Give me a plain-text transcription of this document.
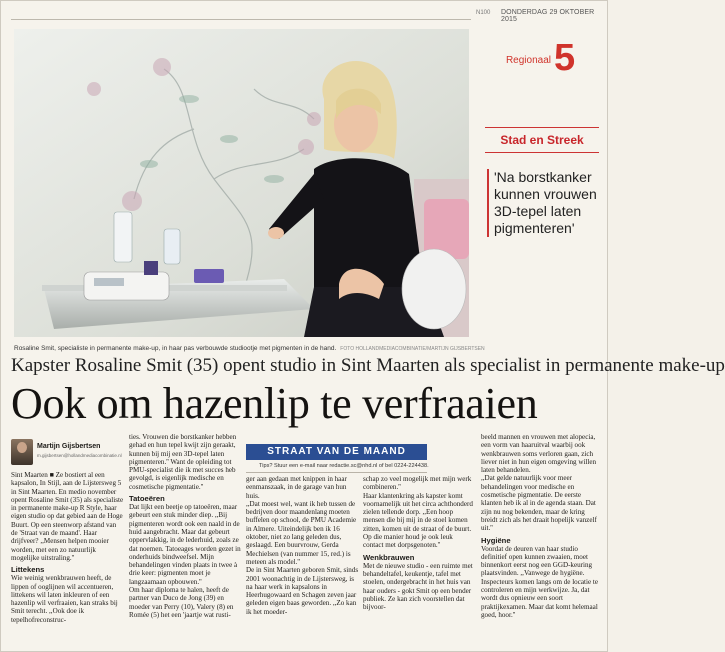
N100 DONDERDAG 29 OKTOBER 2015
Rosaline Smit, specialiste in permanente make-up, in haar pas verbouwde studiootje met pigmenten in de hand. FOTO HOLLANDMEDIACOMBINATIE/MARTIJN GIJSBERTSEN
Regionaal 5
Stad en Streek
'Na borstkanker kunnen vrouwen 3D-tepel laten pigmenteren'
Kapster Rosaline Smit (35) opent studio in Sint Maarten als specialist in permanente make-up
Ook om hazenlip te verfraaien
Martijn Gijsbertsen
m.gijsbertsen@hollandmediacombinatie.nl	STRAAT VAN DE MAAND
Tips? Stuur een e-mail naar redactie.sc@nhd.nl of bel 0224-224438.

Sint Maarten ■ Ze bostiert al een kapsalon, In Stijl, aan de Lijstersweg 5 in Sint Maarten. En medio november opent Rosaline Smit (35) als specialiste in permanente make-up R Style, haar eigen studio op dat gebied aan de Hoge Buurt. Op een steenworp afstand van de 'Straat van de maand'. Haar drijfveer? ,,Mensen helpen mooier worden, met een zo natuurlijk mogelijke uitstraling.''

Littekens

Wie weinig wenkbrauwen heeft, de lippen of ooglijnen wil accentueren, littekens wil laten inkleuren of een hazenlip wil verfraaien, kan straks bij Smit terecht. ,,Ook doe ik tepelhofreconstruc-

ties. Vrouwen die borstkanker hebben gehad en hun tepel kwijt zijn geraakt, kunnen bij mij een 3D-tepel laten pigmenteren.'' Want de opleiding tot PMU-specialist die ik met succes heb gevolgd, is eigenlijk medische en cosmetische pigmentatie.''

Tatoeëren

Dat lijkt een beetje op tatoeëren, maar gebeurt een stuk minder diep. ,,Bij pigmenteren wordt ook een naald in de huid aangebracht. Maar dat gebeurt oppervlakkig, in de lederhuid, zoals ze dat noemen. Tatoeages worden gezet in onderhuids bindweefsel. Mijn behandelingen vinden plaats in twee à drie keer: pigmenten moet je langzaamaan opbouwen.''

Om haar diploma te halen, heeft de partner van Duco de Jong (39) en moeder van Perry (10), Valery (8) en Romée (5) het een 'jaartje wat rusti-

ger aan gedaan met knippen in haar eenmanszaak, in de garage van hun huis.

,,Dat moest wel, want ik heb tussen de bedrijven door maandenlang moeten buffelen op school, de PMU Academie in Almere. Uiteindelijk ben ik 16 oktober, niet zo lang geleden dus, geslaagd. Een buurvrouw, Gerda Mechielsen (van nummer 15, red.) is meteen als model.''

De in Sint Maarten geboren Smit, sinds 2001 woonachtig in de Lijstersweg, is na haar werk in kapsalons in Heerhugowaard en Schagen zeven jaar geleden eigen baas geworden. ,,Zo kan ik het moeder-

schap zo veel mogelijk met mijn werk combineren.''

Haar klantenkring als kapster komt voornamelijk uit het circa achthonderd zielen tellende dorp. ,,Een hoop mensen die bij mij in de stoel komen zitten, komen uit de straat of de buurt. Op die manier houd je ook leuk contact met dorpsgenoten.''

Wenkbrauwen

Met de nieuwe studio - een ruimte met behandeltafel, keukentje, tafel met stoelen, ondergebracht in het huis van haar ouders - gokt Smit op een bender publiek. Ze kan zich voorstellen dat bijvoor-

beeld mannen en vrouwen met alopecia, een vorm van haaruitval waarbij ook wenkbrauwen soms verloren gaan, zich liever niet in hun eigen omgeving willen laten behandelen.

,,Dat gelde natuurlijk voor meer behandelingen voor medische en cosmetische pigmentatie. De eerste klanten heb ik al in de agenda staan. Dat zijn nu nog bekenden, maar de kring breidt zich als het draait hopelijk vanzelf uit.''

Hygiëne

Voordat de deuren van haar studio definitief open kunnen zwaaien, moet binnenkort eerst nog een GGD-keuring plaatsvinden. ,,Vanwege de hygiëne. Inspecteurs komen langs om de locatie te controleren en mijn werkwijze. Ja, dat wordt dus opnieuw een soort praktijkexamen. Maar dat komt helemaal goed, hoor.''
